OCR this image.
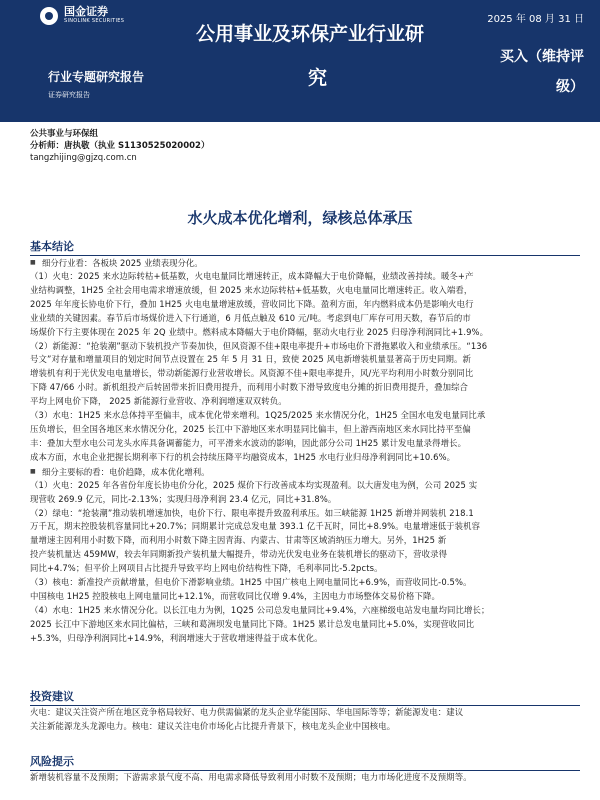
国金证券
SINOLINK SECURITIES	2025 年 08 月 31 日
公用事业及环保产业行业研
究
买入（维持评
级）
行业专题研究报告
证券研究报告
公共事业与环保组
分析师：唐执敬（执业 S1130525020002）
tangzhijing@gjzq.com.cn
水火成本优化增利，绿核总体承压
基本结论
■ 细分行业看：各板块 2025 业绩表现分化。
（1）火电：2025 来水边际转枯+低基数，火电电量同比增速转正，成本降幅大于电价降幅，业绩改善持续。暖冬+产
业结构调整，1H25 全社会用电需求增速放缓，但 2025 来水边际转枯+低基数，火电电量同比增速转正。收入端看，
2025 年年度长协电价下行，叠加 1H25 火电电量增速放缓，营收同比下降。盈利方面，年内燃料成本仍是影响火电行
业业绩的关键因素。春节后市场煤价进入下行通道，6 月低点触及 610 元/吨。考虑到电厂库存可用天数，春节后的市
场煤价下行主要体现在 2025 年 2Q 业绩中。燃料成本降幅大于电价降幅，驱动火电行业 2025 归母净利润同比+1.9%。
（2）新能源：“抢装潮”驱动下装机投产节奏加快，但风资源不佳+限电率提升+市场电价下滑拖累收入和业绩承压。“136
号文”对存量和增量项目的划定时间节点设置在 25 年 5 月 31 日，致使 2025 风电新增装机量显著高于历史同期。新
增装机有利于光伏发电电量增长，带动新能源行业营收增长。风资源不佳+限电率提升，风/光平均利用小时数分别同比
下降 47/66 小时。新机组投产后转固带来折旧费用提升，而利用小时数下滑导致度电分摊的折旧费用提升，叠加综合
平均上网电价下降， 2025 新能源行业营收、净利润增速双双转负。
（3）水电：1H25 来水总体持平至偏丰，成本优化带来增利。1Q25/2025 来水情况分化，1H25 全国水电发电量同比承
压负增长，但全国各地区来水情况分化，2025 长江中下游地区来水明显同比偏丰，但上游西南地区来水同比持平至偏
丰：叠加大型水电公司龙头水库具备调蓄能力，可平滑来水波动的影响，因此部分公司 1H25 累计发电量录得增长。
成本方面，水电企业把握长期利率下行的机会持续压降平均融资成本，1H25 水电行业归母净利润同比+10.6%。
■ 细分主要标的看：电价趋降，成本优化增利。
（1）火电：2025 年各省份年度长协电价分化，2025 煤价下行改善成本均实现盈利。以大唐发电为例，公司 2025 实
现营收 269.9 亿元，同比-2.13%；实现归母净利润 23.4 亿元，同比+31.8%。
（2）绿电：“抢装潮”推动装机增速加快，电价下行、限电率提升致盈利承压。如三峡能源 1H25 新增并网装机 218.1
万千瓦，期末控股装机容量同比+20.7%；同期累计完成总发电量 393.1 亿千瓦时，同比+8.9%。电量增速低于装机容
量增速主因利用小时数下降，而利用小时数下降主因青海、内蒙古、甘肃等区域消纳压力增大。另外，1H25 新
投产装机量达 459MW，较去年同期新投产装机量大幅提升，带动光伏发电业务在装机增长的驱动下，营收录得
同比+4.7%；但平价上网项目占比提升导致平均上网电价结构性下降，毛利率同比-5.2pcts。
（3）核电：新准投产贡献增量，但电价下滑影响业绩。1H25 中国广核电上网电量同比+6.9%，而营收同比-0.5%。
中国核电 1H25 控股核电上网电量同比+12.1%，而营收同比仅增 9.4%，主因电力市场整体交易价格下降。
（4）水电：1H25 来水情况分化。以长江电力为例，1Q25 公司总发电量同比+9.4%，六座梯级电站发电量均同比增长；
2025 长江中下游地区来水同比偏枯，三峡和葛洲坝发电量同比下降。1H25 累计总发电量同比+5.0%，实现营收同比
+5.3%，归母净利润同比+14.9%，利润增速大于营收增速得益于成本优化。
投资建议
火电：建议关注资产所在地区竞争格局较好、电力供需偏紧的龙头企业华能国际、华电国际等等；新能源发电：建议
关注新能源龙头龙源电力。核电：建议关注电价市场化占比提升背景下，核电龙头企业中国核电。
风险提示
新增装机容量不及预期；下游需求景气度不高、用电需求降低导致利用小时数不及预期；电力市场化进度不及预期等。
